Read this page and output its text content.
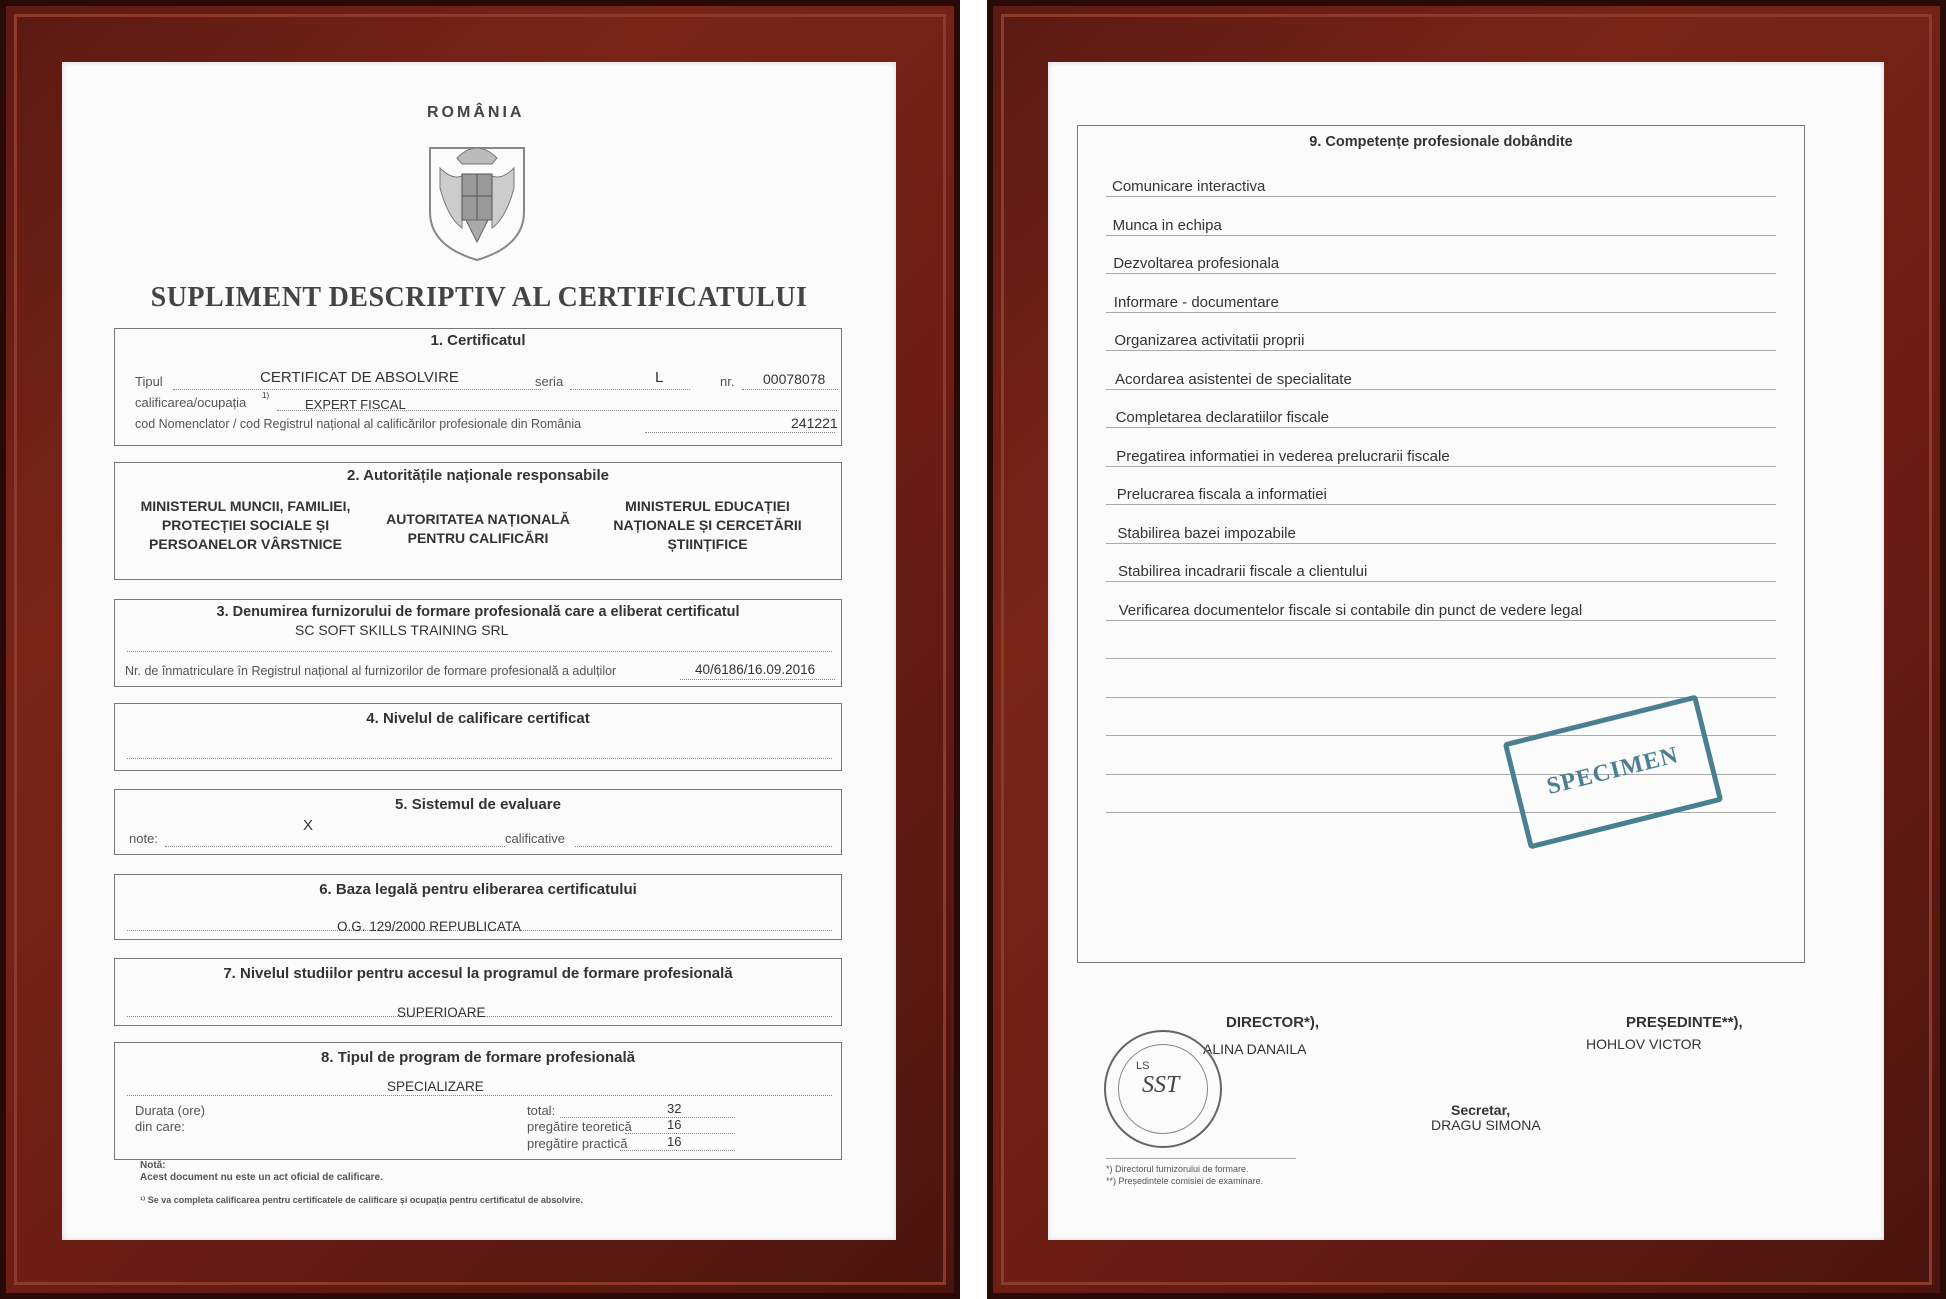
ROMÂNIA
SUPLIMENT DESCRIPTIV AL CERTIFICATULUI
1. Certificatul
Tipul	CERTIFICAT DE ABSOLVIRE	seria	L	nr. 00078078
calificarea/ocupația 1)
EXPERT FISCAL
cod Nomenclator / cod Registrul național al calificărilor profesionale din România	241221
2. Autoritățile naționale responsabile
MINISTERUL MUNCII, FAMILIEI, PROTECȚIEI SOCIALE ȘI PERSOANELOR VÂRSTNICE
AUTORITATEA NAȚIONALĂ PENTRU CALIFICĂRI
MINISTERUL EDUCAȚIEI NAȚIONALE ȘI CERCETĂRII ȘTIINȚIFICE
3. Denumirea furnizorului de formare profesională care a eliberat certificatul
SC SOFT SKILLS TRAINING SRL
Nr. de înmatriculare în Registrul național al furnizorilor de formare profesională a adulților	40/6186/16.09.2016
4. Nivelul de calificare certificat
5. Sistemul de evaluare
note:
X
calificative
6. Baza legală pentru eliberarea certificatului
O.G. 129/2000 REPUBLICATA
7. Nivelul studiilor pentru accesul la programul de formare profesională
SUPERIOARE
8. Tipul de program de formare profesională
SPECIALIZARE
Durata (ore)
din care:
total:	32
pregătire teoretică	16
pregătire practică	16
Notă:
Acest document nu este un act oficial de calificare.
¹⁾ Se va completa calificarea pentru certificatele de calificare și ocupația pentru certificatul de absolvire.
9. Competențe profesionale dobândite
Comunicare interactiva
Munca in echipa
Dezvoltarea profesionala
Informare - documentare
Organizarea activitatii proprii
Acordarea asistentei de specialitate
Completarea declaratiilor fiscale
Pregatirea informatiei in vederea prelucrarii fiscale
Prelucrarea fiscala a informatiei
Stabilirea bazei impozabile
Stabilirea incadrarii fiscale a clientului
Verificarea documentelor fiscale si contabile din punct de vedere legal
SPECIMEN
DIRECTOR*),
ALINA DANAILA
PREȘEDINTE**),
HOHLOV VICTOR
LS
SST
Secretar,
DRAGU SIMONA
*) Directorul furnizorului de formare.
**) Președintele comisiei de examinare.
